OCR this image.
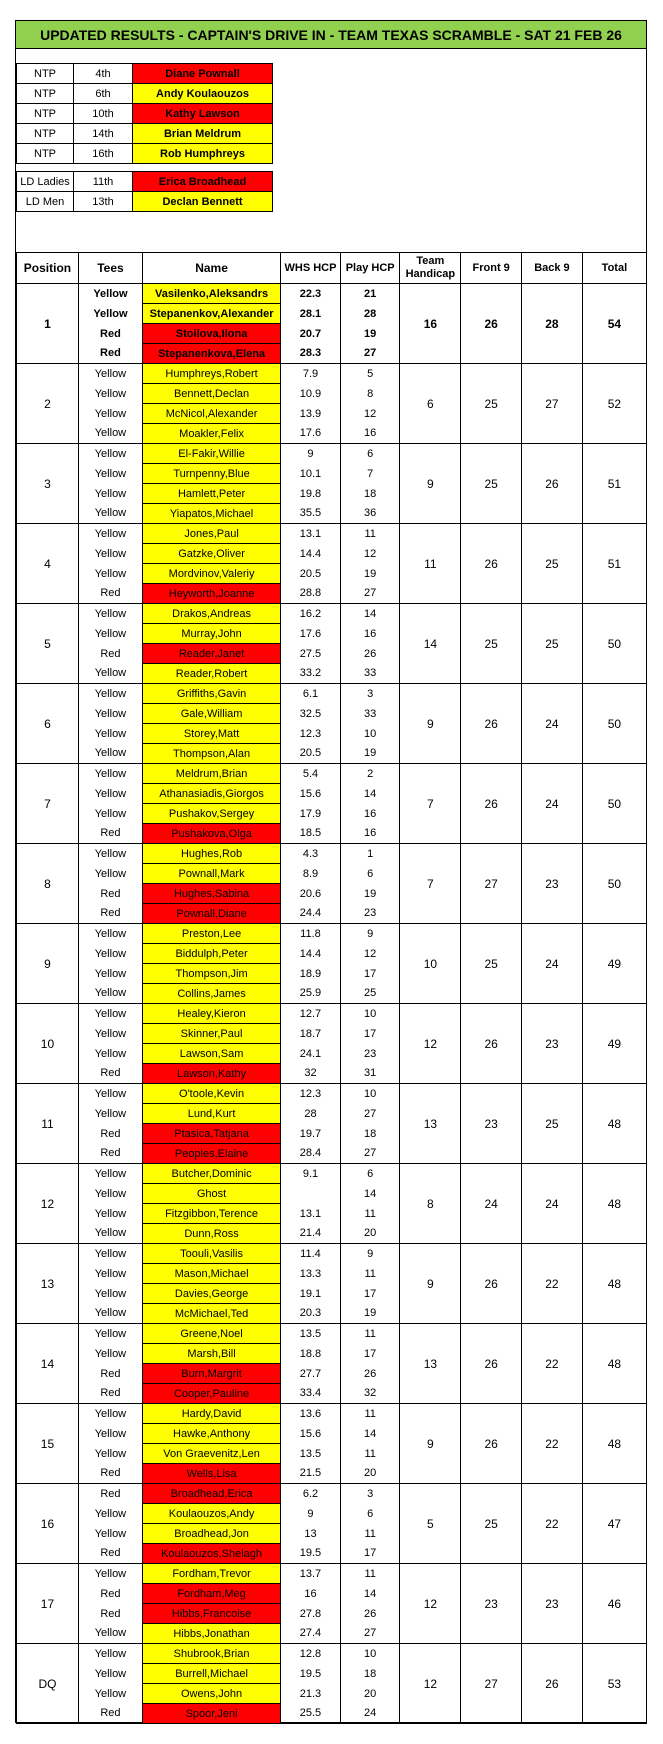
UPDATED RESULTS - CAPTAIN'S DRIVE IN - TEAM TEXAS SCRAMBLE - SAT 21 FEB 26
NTP	4th	Diane Pownall
NTP	6th	Andy Koulaouzos
NTP	10th	Kathy Lawson
NTP	14th	Brian Meldrum
NTP	16th	Rob Humphreys
LD Ladies	11th	Erica Broadhead
LD Men	13th	Declan Bennett
Position	Tees	Name	WHS HCP	Play HCP	Team Handicap	Front 9	Back 9	Total
1	Yellow	Vasilenko,Aleksandrs	22.3	21	16	26	28	54
	Yellow	Stepanenkov,Alexander	28.1	28				
	Red	Stoilova,Ilona	20.7	19				
	Red	Stepanenkova,Elena	28.3	27				
2	Yellow	Humphreys,Robert	7.9	5	6	25	27	52
	Yellow	Bennett,Declan	10.9	8				
	Yellow	McNicol,Alexander	13.9	12				
	Yellow	Moakler,Felix	17.6	16				
3	Yellow	El-Fakir,Willie	9	6	9	25	26	51
	Yellow	Turnpenny,Blue	10.1	7				
	Yellow	Hamlett,Peter	19.8	18				
	Yellow	Yiapatos,Michael	35.5	36				
4	Yellow	Jones,Paul	13.1	11	11	26	25	51
	Yellow	Gatzke,Oliver	14.4	12				
	Yellow	Mordvinov,Valeriy	20.5	19				
	Red	Heyworth,Joanne	28.8	27				
5	Yellow	Drakos,Andreas	16.2	14	14	25	25	50
	Yellow	Murray,John	17.6	16				
	Red	Reader,Janet	27.5	26				
	Yellow	Reader,Robert	33.2	33				
6	Yellow	Griffiths,Gavin	6.1	3	9	26	24	50
	Yellow	Gale,William	32.5	33				
	Yellow	Storey,Matt	12.3	10				
	Yellow	Thompson,Alan	20.5	19				
7	Yellow	Meldrum,Brian	5.4	2	7	26	24	50
	Yellow	Athanasiadis,Giorgos	15.6	14				
	Yellow	Pushakov,Sergey	17.9	16				
	Red	Pushakova,Olga	18.5	16				
8	Yellow	Hughes,Rob	4.3	1	7	27	23	50
	Yellow	Pownall,Mark	8.9	6				
	Red	Hughes,Sabina	20.6	19				
	Red	Pownall,Diane	24.4	23				
9	Yellow	Preston,Lee	11.8	9	10	25	24	49
	Yellow	Biddulph,Peter	14.4	12				
	Yellow	Thompson,Jim	18.9	17				
	Yellow	Collins,James	25.9	25				
10	Yellow	Healey,Kieron	12.7	10	12	26	23	49
	Yellow	Skinner,Paul	18.7	17				
	Yellow	Lawson,Sam	24.1	23				
	Red	Lawson,Kathy	32	31				
11	Yellow	O'toole,Kevin	12.3	10	13	23	25	48
	Yellow	Lund,Kurt	28	27				
	Red	Ptasica,Tatjana	19.7	18				
	Red	Peoples,Elaine	28.4	27				
12	Yellow	Butcher,Dominic	9.1	6	8	24	24	48
	Yellow	Ghost		14				
	Yellow	Fitzgibbon,Terence	13.1	11				
	Yellow	Dunn,Ross	21.4	20				
13	Yellow	Toouli,Vasilis	11.4	9	9	26	22	48
	Yellow	Mason,Michael	13.3	11				
	Yellow	Davies,George	19.1	17				
	Yellow	McMichael,Ted	20.3	19				
14	Yellow	Greene,Noel	13.5	11	13	26	22	48
	Yellow	Marsh,Bill	18.8	17				
	Red	Burn,Margrit	27.7	26				
	Red	Cooper,Pauline	33.4	32				
15	Yellow	Hardy,David	13.6	11	9	26	22	48
	Yellow	Hawke,Anthony	15.6	14				
	Yellow	Von Graevenitz,Len	13.5	11				
	Red	Wells,Lisa	21.5	20				
16	Red	Broadhead,Erica	6.2	3	5	25	22	47
	Yellow	Koulaouzos,Andy	9	6				
	Yellow	Broadhead,Jon	13	11				
	Red	Koulaouzos,Shelagh	19.5	17				
17	Yellow	Fordham,Trevor	13.7	11	12	23	23	46
	Red	Fordham,Meg	16	14				
	Red	Hibbs,Francoise	27.8	26				
	Yellow	Hibbs,Jonathan	27.4	27				
DQ	Yellow	Shubrook,Brian	12.8	10	12	27	26	53
	Yellow	Burrell,Michael	19.5	18				
	Yellow	Owens,John	21.3	20				
	Red	Spoor,Jeni	25.5	24				
